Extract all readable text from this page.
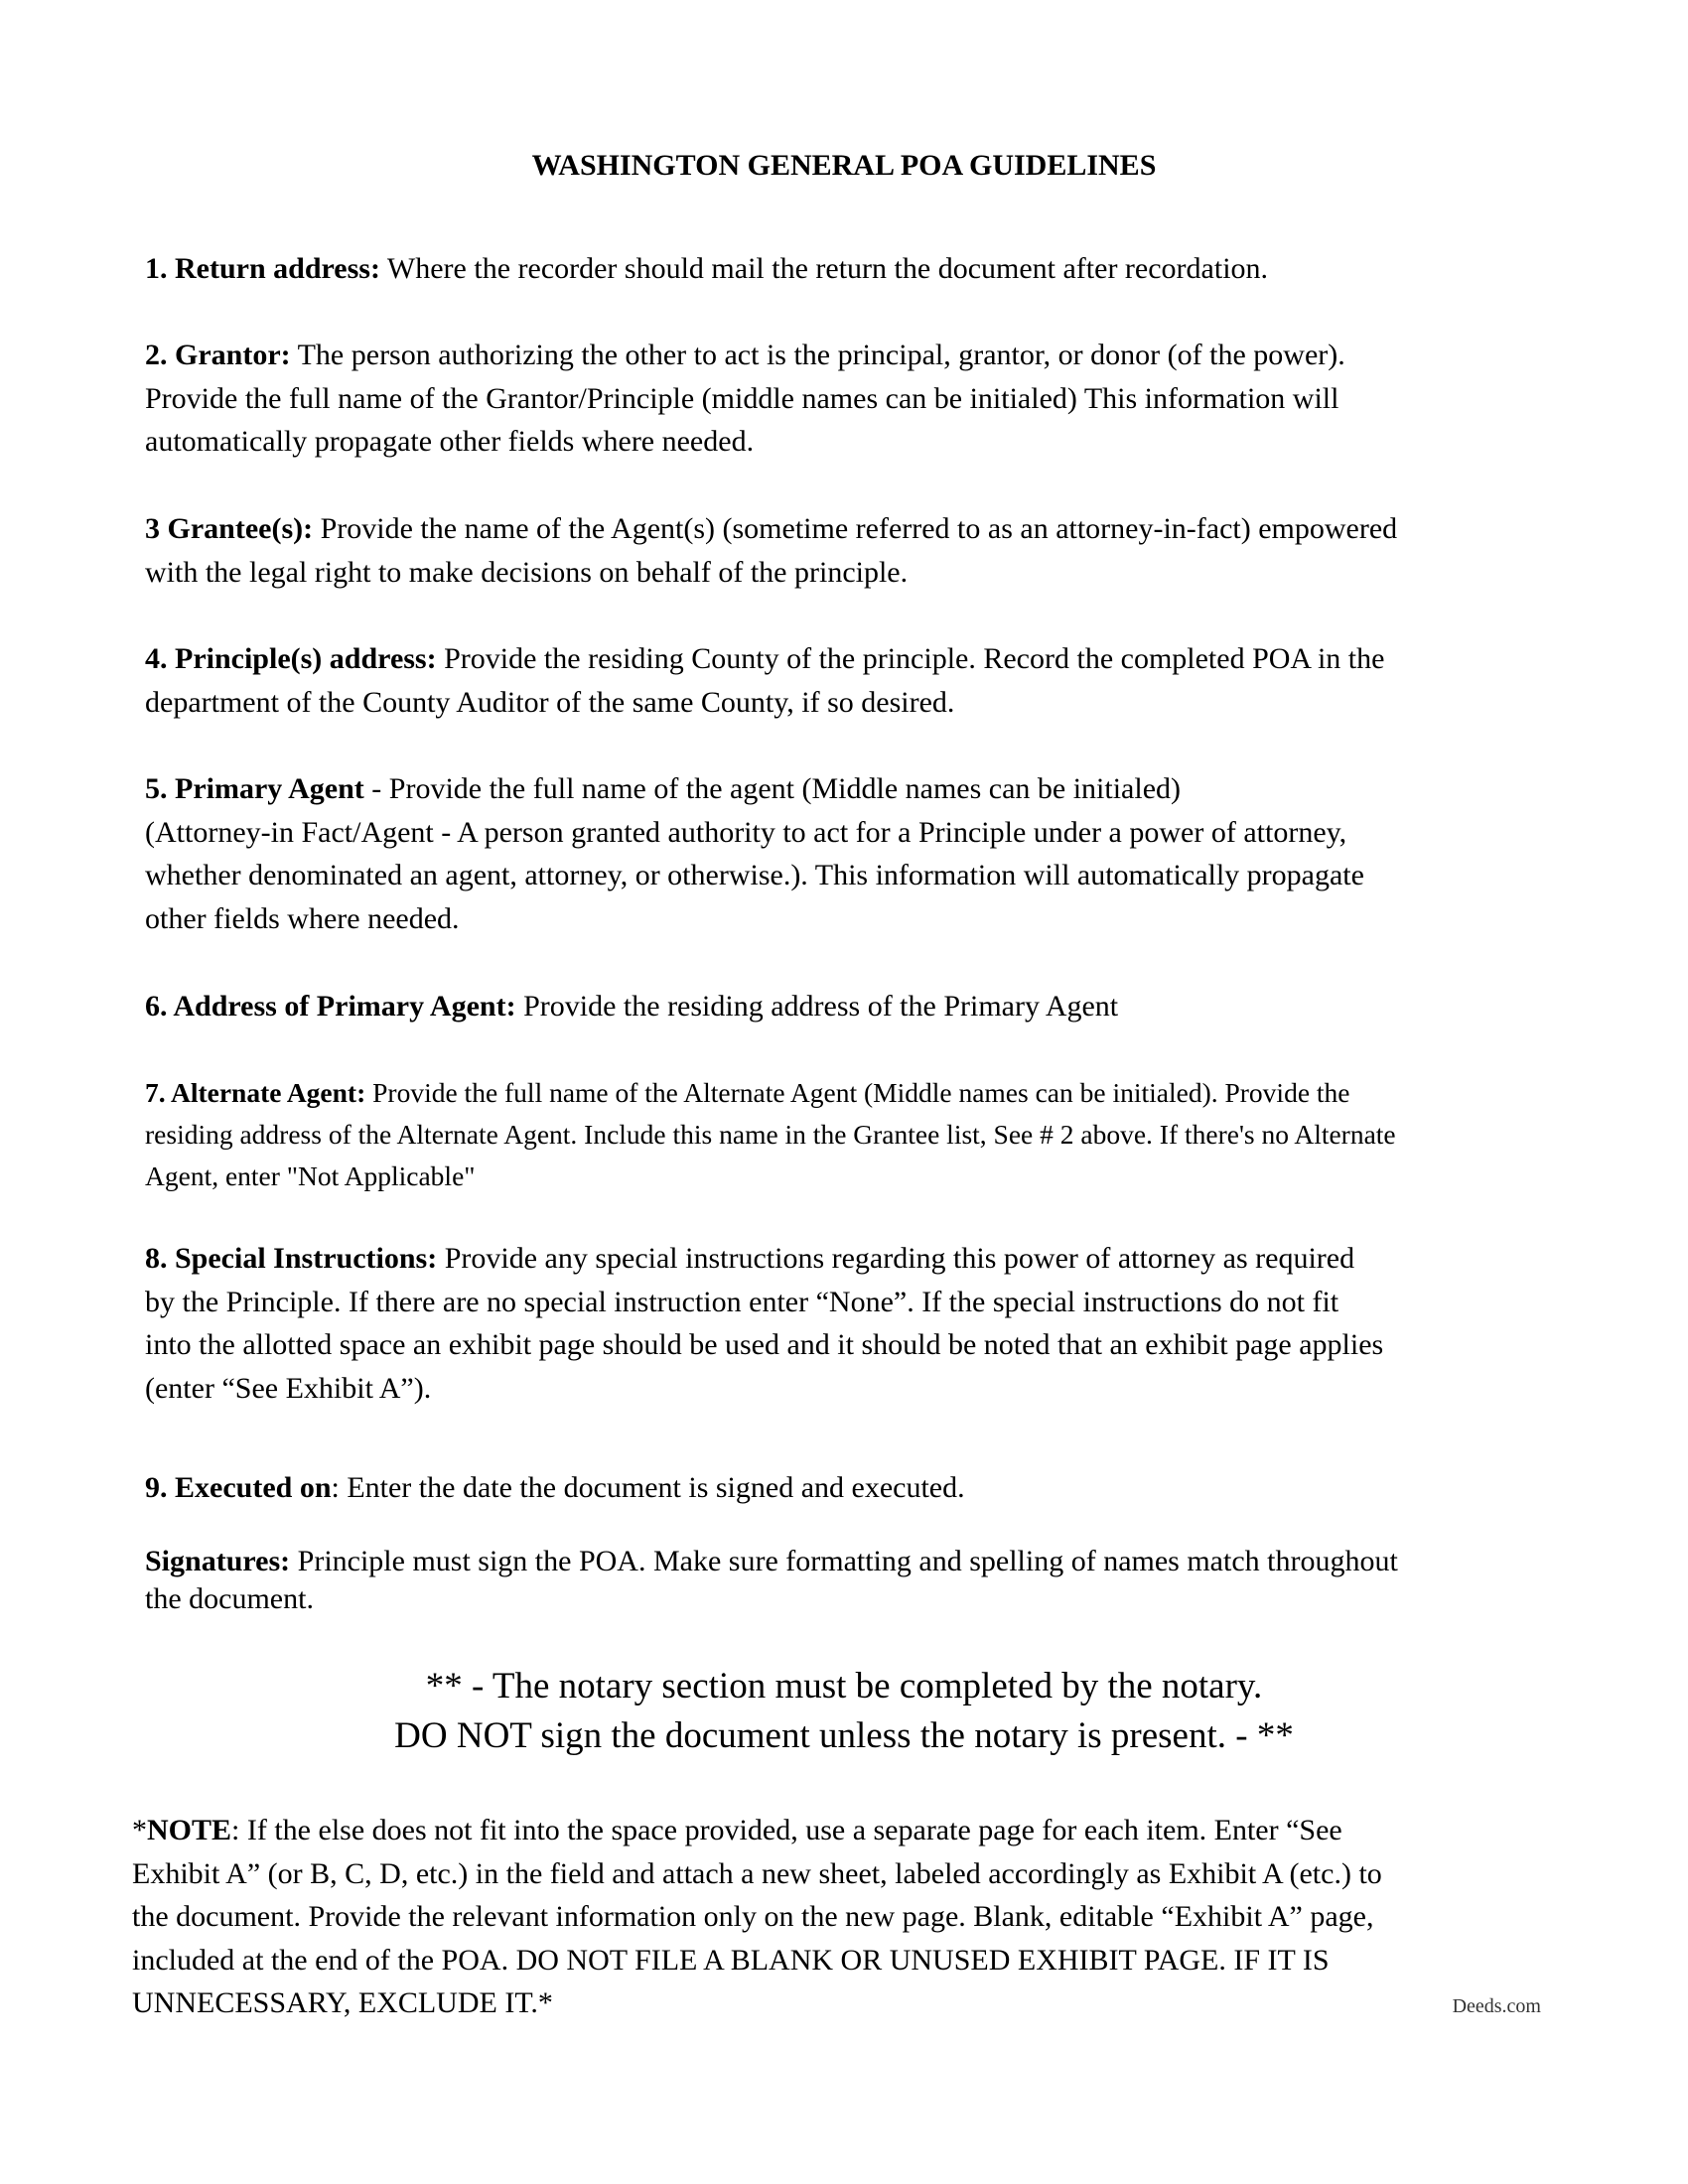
WASHINGTON GENERAL POA GUIDELINES
1. Return address: Where the recorder should mail the return the document after recordation.
2. Grantor: The person authorizing the other to act is the principal, grantor, or donor (of the power).
Provide the full name of the Grantor/Principle (middle names can be initialed) This information will
automatically propagate other fields where needed.
3 Grantee(s): Provide the name of the Agent(s) (sometime referred to as an attorney-in-fact) empowered
with the legal right to make decisions on behalf of the principle.
4. Principle(s) address: Provide the residing County of the principle. Record the completed POA in the
department of the County Auditor of the same County, if so desired.
5. Primary Agent - Provide the full name of the agent (Middle names can be initialed)
(Attorney-in Fact/Agent - A person granted authority to act for a Principle under a power of attorney,
whether denominated an agent, attorney, or otherwise.). This information will automatically propagate
other fields where needed.
6. Address of Primary Agent: Provide the residing address of the Primary Agent
7. Alternate Agent: Provide the full name of the Alternate Agent (Middle names can be initialed). Provide the
residing address of the Alternate Agent. Include this name in the Grantee list, See # 2 above. If there's no Alternate
Agent, enter "Not Applicable"
8. Special Instructions: Provide any special instructions regarding this power of attorney as required
by the Principle. If there are no special instruction enter “None”. If the special instructions do not fit
into the allotted space an exhibit page should be used and it should be noted that an exhibit page applies
(enter “See Exhibit A”).
9. Executed on: Enter the date the document is signed and executed.
Signatures: Principle must sign the POA. Make sure formatting and spelling of names match throughout
the document.
** - The notary section must be completed by the notary.
DO NOT sign the document unless the notary is present. - **
*NOTE: If the else does not fit into the space provided, use a separate page for each item. Enter “See
Exhibit A” (or B, C, D, etc.) in the field and attach a new sheet, labeled accordingly as Exhibit A (etc.) to
the document. Provide the relevant information only on the new page. Blank, editable “Exhibit A” page,
included at the end of the POA. DO NOT FILE A BLANK OR UNUSED EXHIBIT PAGE. IF IT IS
UNNECESSARY, EXCLUDE IT.*	Deeds.com
